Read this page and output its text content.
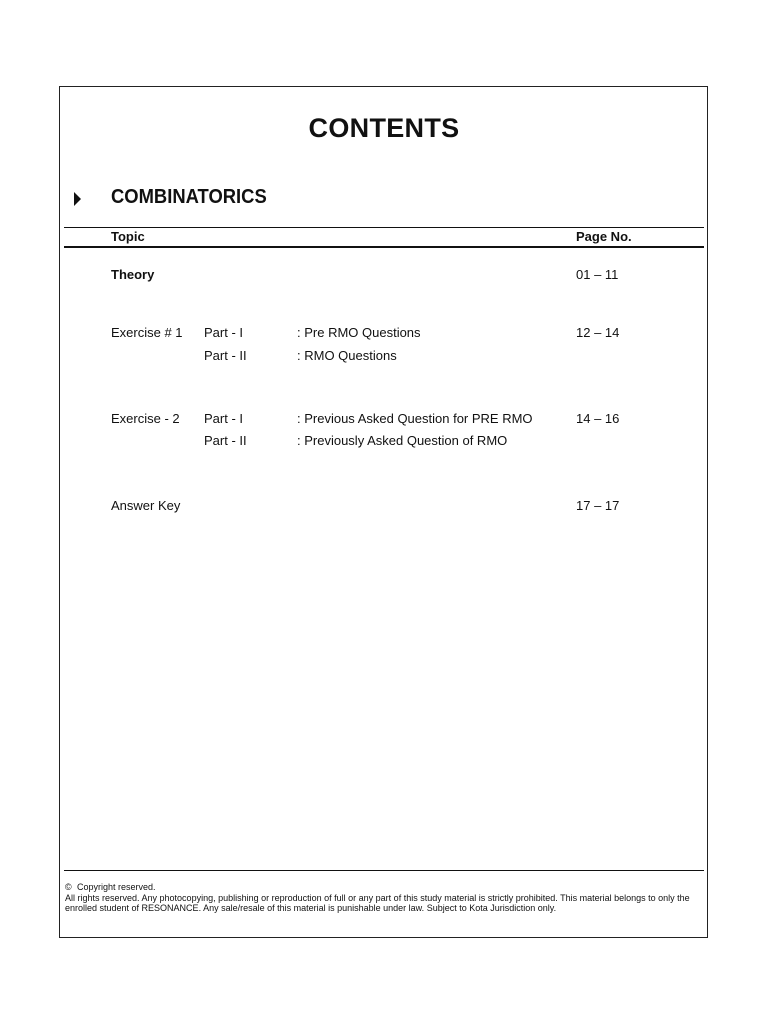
CONTENTS
COMBINATORICS
Topic	Page No.
Theory	01 – 11
Exercise # 1 Part - I	: Pre RMO Questions	12 – 14
Part - II	: RMO Questions
Exercise - 2 Part - I	: Previous Asked Question for PRE RMO	14 – 16
Part - II	: Previously Asked Question of RMO
Answer Key	17 – 17
© Copyright reserved.
All rights reserved. Any photocopying, publishing or reproduction of full or any part of this study material is strictly prohibited. This material belongs to only the enrolled student of RESONANCE. Any sale/resale of this material is punishable under law. Subject to Kota Jurisdiction only.
